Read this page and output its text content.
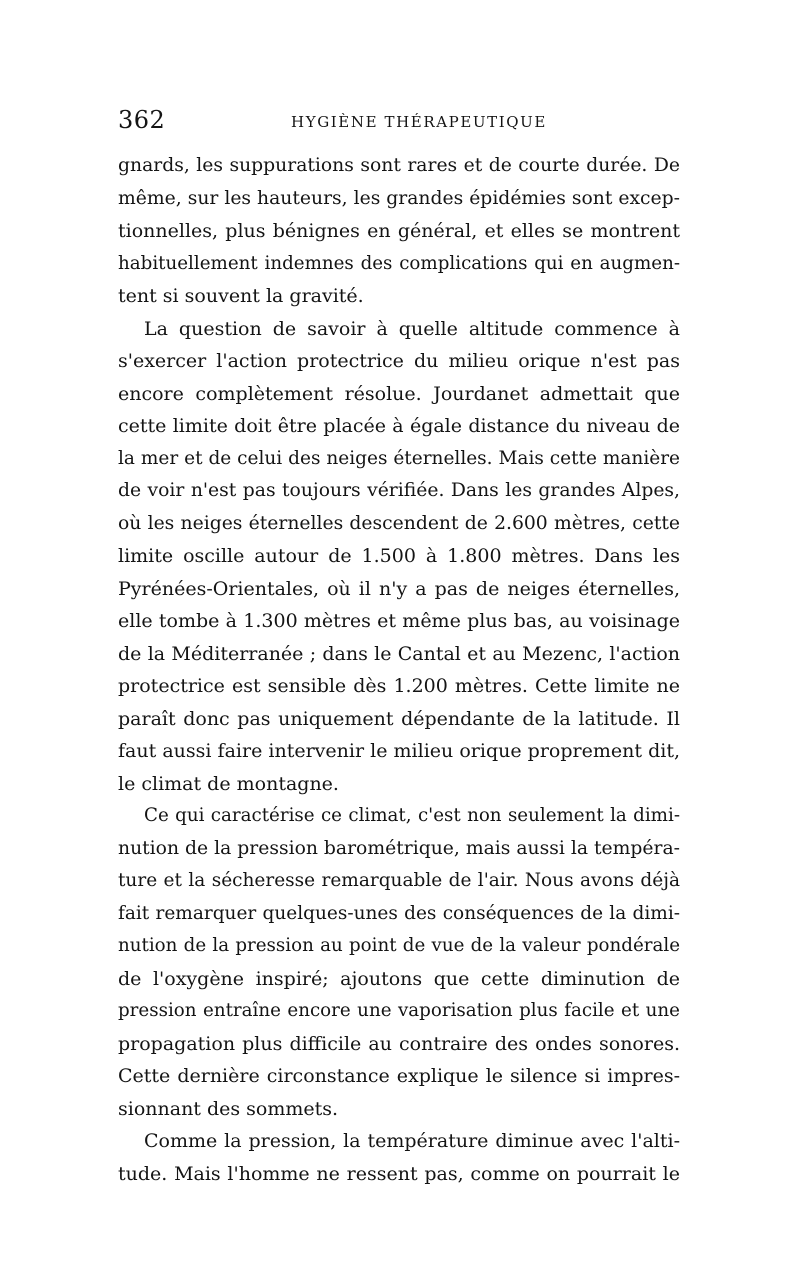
362	HYGIÈNE THÉRAPEUTIQUE
gnards, les suppurations sont rares et de courte durée. De
même, sur les hauteurs, les grandes épidémies sont excep-
tionnelles, plus bénignes en général, et elles se montrent
habituellement indemnes des complications qui en augmen-
tent si souvent la gravité.
La question de savoir à quelle altitude commence à
s'exercer l'action protectrice du milieu orique n'est pas
encore complètement résolue. Jourdanet admettait que
cette limite doit être placée à égale distance du niveau de
la mer et de celui des neiges éternelles. Mais cette manière
de voir n'est pas toujours vérifiée. Dans les grandes Alpes,
où les neiges éternelles descendent de 2.600 mètres, cette
limite oscille autour de 1.500 à 1.800 mètres. Dans les
Pyrénées-Orientales, où il n'y a pas de neiges éternelles,
elle tombe à 1.300 mètres et même plus bas, au voisinage
de la Méditerranée ; dans le Cantal et au Mezenc, l'action
protectrice est sensible dès 1.200 mètres. Cette limite ne
paraît donc pas uniquement dépendante de la latitude. Il
faut aussi faire intervenir le milieu orique proprement dit,
le climat de montagne.
Ce qui caractérise ce climat, c'est non seulement la dimi-
nution de la pression barométrique, mais aussi la tempéra-
ture et la sécheresse remarquable de l'air. Nous avons déjà
fait remarquer quelques-unes des conséquences de la dimi-
nution de la pression au point de vue de la valeur pondérale
de l'oxygène inspiré; ajoutons que cette diminution de
pression entraîne encore une vaporisation plus facile et une
propagation plus difficile au contraire des ondes sonores.
Cette dernière circonstance explique le silence si impres-
sionnant des sommets.
Comme la pression, la température diminue avec l'alti-
tude. Mais l'homme ne ressent pas, comme on pourrait le
